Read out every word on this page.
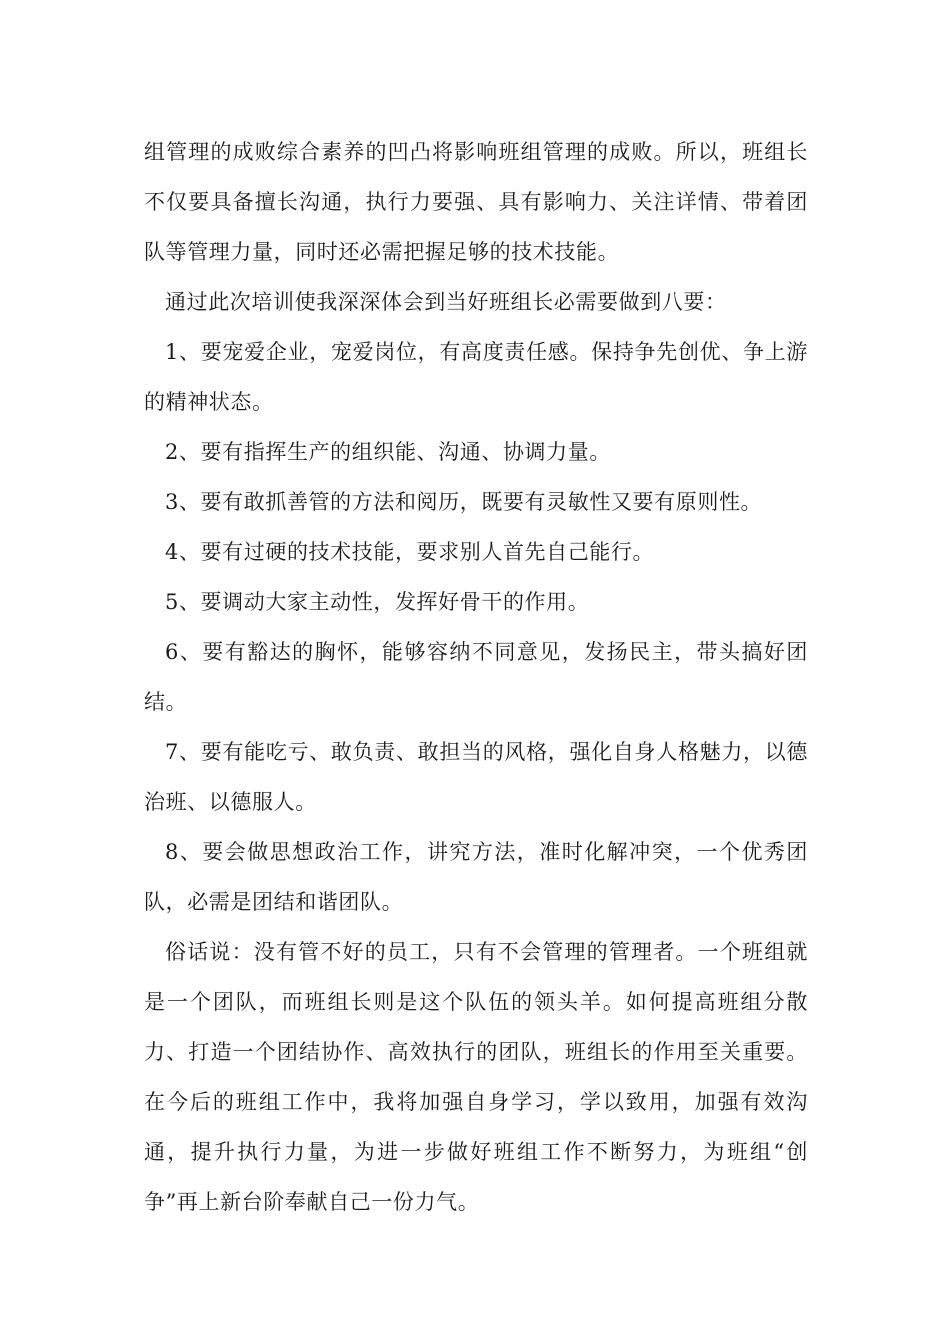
组管理的成败综合素养的凹凸将影响班组管理的成败。所以，班组长不仅要具备擅长沟通，执行力要强、具有影响力、关注详情、带着团队等管理力量，同时还必需把握足够的技术技能。

通过此次培训使我深深体会到当好班组长必需要做到八要：

1、要宠爱企业，宠爱岗位，有高度责任感。保持争先创优、争上游的精神状态。

2、要有指挥生产的组织能、沟通、协调力量。

3、要有敢抓善管的方法和阅历，既要有灵敏性又要有原则性。

4、要有过硬的技术技能，要求别人首先自己能行。

5、要调动大家主动性，发挥好骨干的作用。

6、要有豁达的胸怀，能够容纳不同意见，发扬民主，带头搞好团结。

7、要有能吃亏、敢负责、敢担当的风格，强化自身人格魅力，以德治班、以德服人。

8、要会做思想政治工作，讲究方法，准时化解冲突，一个优秀团队，必需是团结和谐团队。

俗话说：没有管不好的员工，只有不会管理的管理者。一个班组就是一个团队，而班组长则是这个队伍的领头羊。如何提高班组分散力、打造一个团结协作、高效执行的团队，班组长的作用至关重要。在今后的班组工作中，我将加强自身学习，学以致用，加强有效沟通，提升执行力量，为进一步做好班组工作不断努力，为班组“创争”再上新台阶奉献自己一份力气。
